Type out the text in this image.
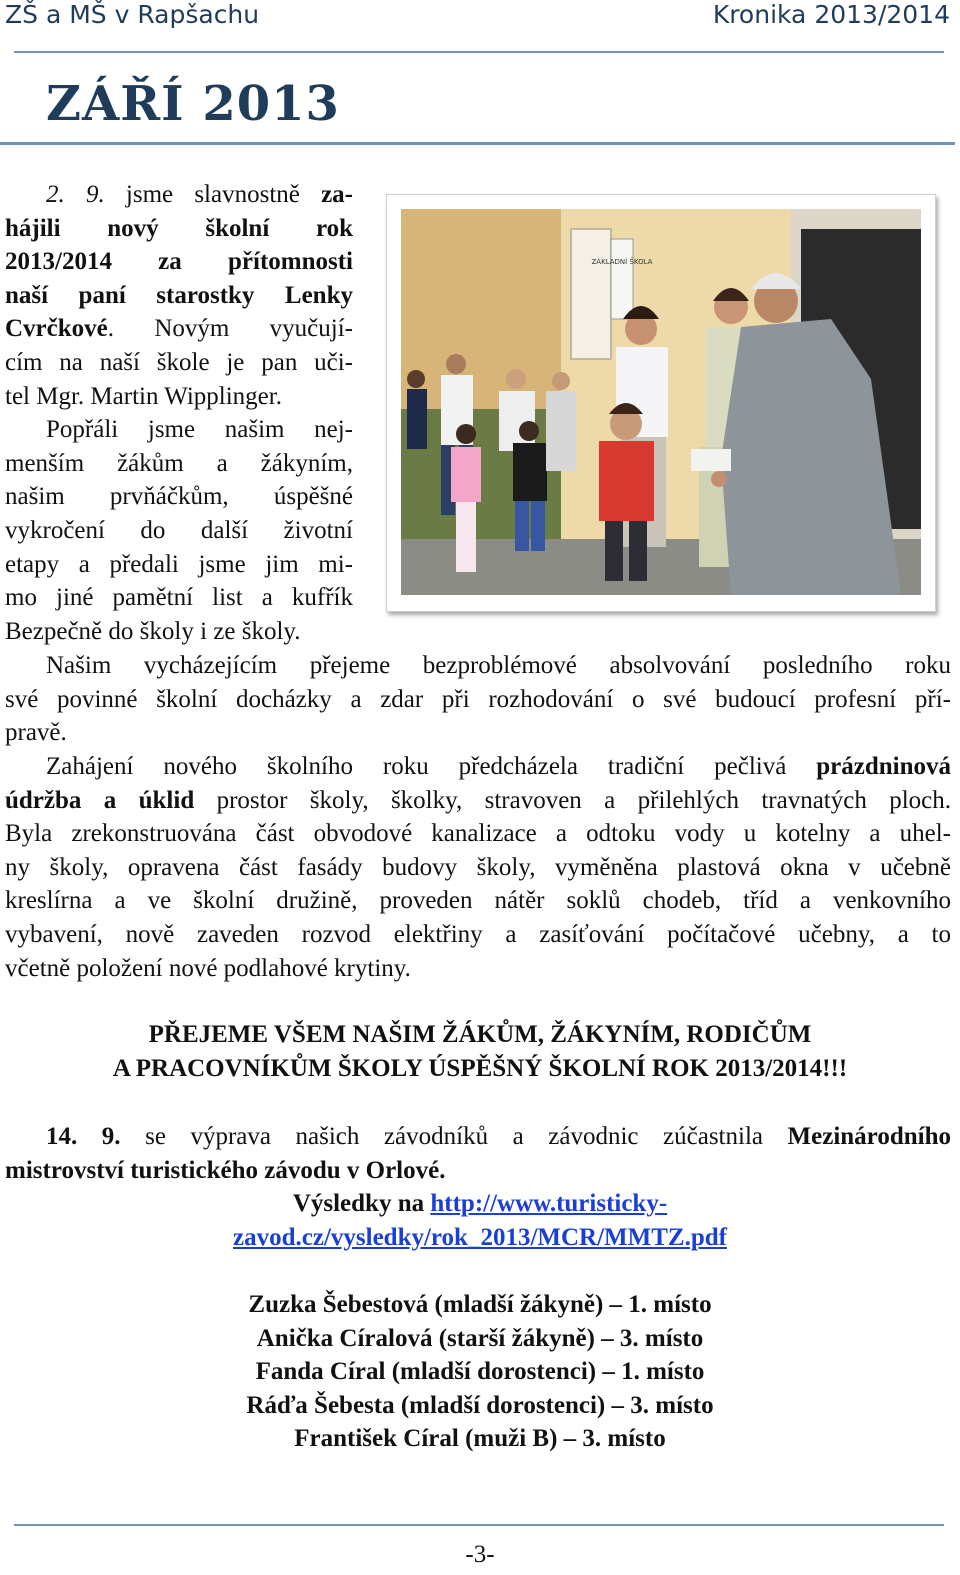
ZŠ a MŠ v Rapšachu	Kronika 2013/2014
ZÁŘÍ 2013
2. 9. jsme slavnostně za-
hájili nový školní rok
2013/2014 za přítomnosti
naší paní starostky Lenky
Cvrčkové. Novým vyučují-
cím na naší škole je pan uči-
tel Mgr. Martin Wipplinger.
Popřáli jsme našim nej-
menším žákům a žákyním,
našim prvňáčkům, úspěšné
vykročení do další životní
etapy a předali jsme jim mi-
mo jiné pamětní list a kufřík
Bezpečně do školy i ze školy.
ZÁKLADNÍ ŠKOLA
Našim vycházejícím přejeme bezproblémové absolvování posledního roku
své povinné školní docházky a zdar při rozhodování o své budoucí profesní pří-
pravě.
Zahájení nového školního roku předcházela tradiční pečlivá prázdninová
údržba a úklid prostor školy, školky, stravoven a přilehlých travnatých ploch.
Byla zrekonstruována část obvodové kanalizace a odtoku vody u kotelny a uhel-
ny školy, opravena část fasády budovy školy, vyměněna plastová okna v učebně
kreslírna a ve školní družině, proveden nátěr soklů chodeb, tříd a venkovního
vybavení, nově zaveden rozvod elektřiny a zasíťování počítačové učebny, a to
včetně položení nové podlahové krytiny.
PŘEJEME VŠEM NAŠIM ŽÁKŮM, ŽÁKYNÍM, RODIČŮM
A PRACOVNÍKŮM ŠKOLY ÚSPĚŠNÝ ŠKOLNÍ ROK 2013/2014!!!
14. 9. se výprava našich závodníků a závodnic zúčastnila Mezinárodního
mistrovství turistického závodu v Orlové.
Výsledky na http://www.turisticky-
zavod.cz/vysledky/rok_2013/MCR/MMTZ.pdf
Zuzka Šebestová (mladší žákyně) – 1. místo
Anička Círalová (starší žákyně) – 3. místo
Fanda Círal (mladší dorostenci) – 1. místo
Ráďa Šebesta (mladší dorostenci) – 3. místo
František Círal (muži B) – 3. místo
-3-
